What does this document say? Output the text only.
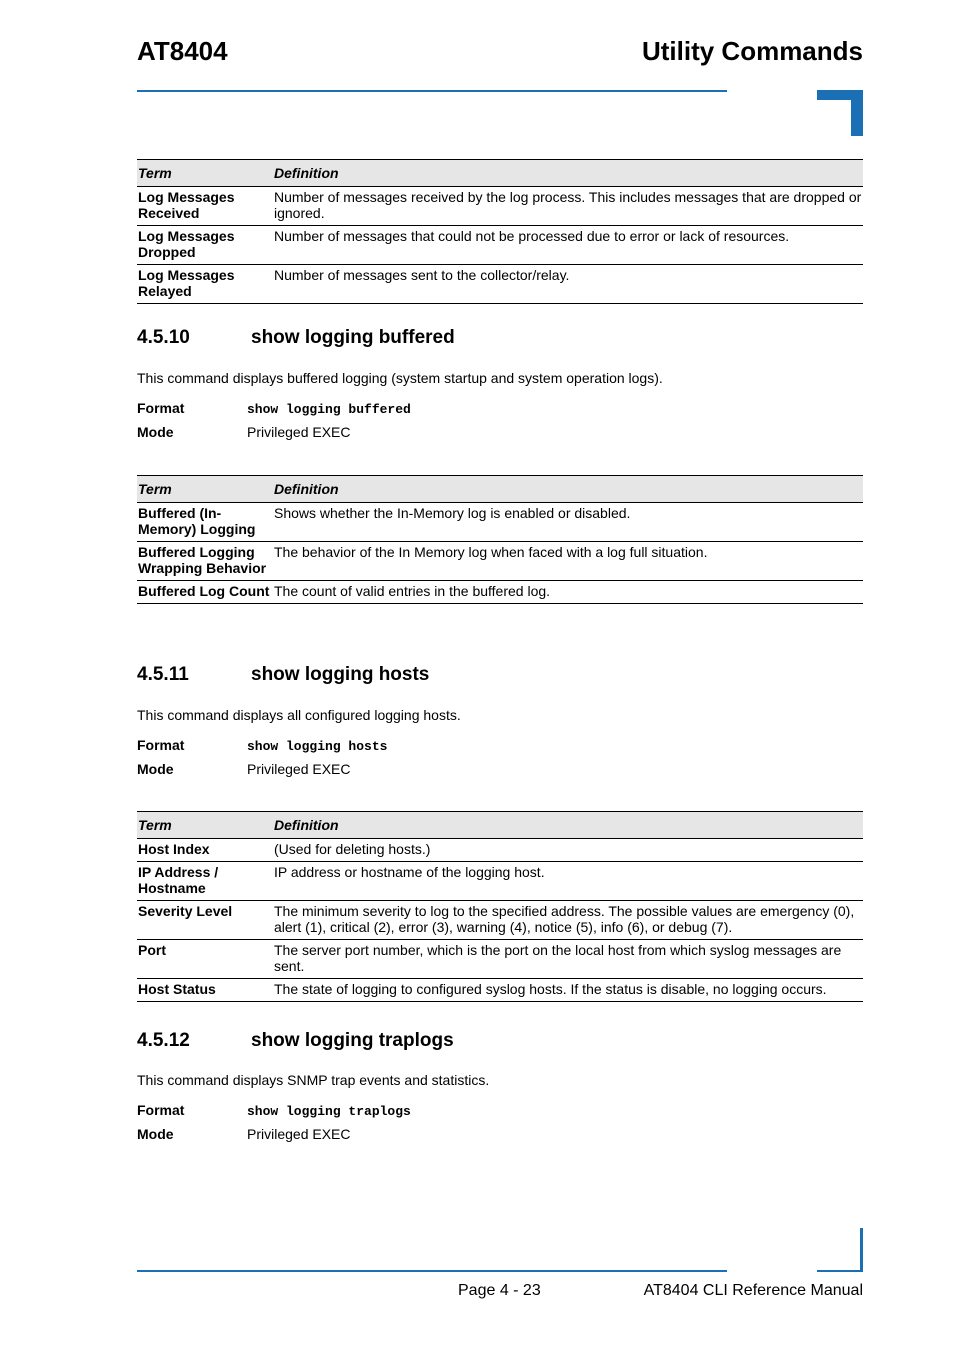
AT8404	Utility Commands
Term	Definition
Log Messages Received	Number of messages received by the log process. This includes messages that are dropped or ignored.
Log Messages Dropped	Number of messages that could not be processed due to error or lack of resources.
Log Messages Relayed	Number of messages sent to the collector/relay.
4.5.10	show logging buffered
This command displays buffered logging (system startup and system operation logs).
Format	show logging buffered
Mode	Privileged EXEC
Term	Definition
Buffered (In-Memory) Logging	Shows whether the In-Memory log is enabled or disabled.
Buffered Logging Wrapping Behavior	The behavior of the In Memory log when faced with a log full situation.
Buffered Log Count	The count of valid entries in the buffered log.
4.5.11	show logging hosts
This command displays all configured logging hosts.
Format	show logging hosts
Mode	Privileged EXEC
Term	Definition
Host Index	(Used for deleting hosts.)
IP Address / Hostname	IP address or hostname of the logging host.
Severity Level	The minimum severity to log to the specified address. The possible values are emergency (0), alert (1), critical (2), error (3), warning (4), notice (5), info (6), or debug (7).
Port	The server port number, which is the port on the local host from which syslog messages are sent.
Host Status	The state of logging to configured syslog hosts. If the status is disable, no logging occurs.
4.5.12	show logging traplogs
This command displays SNMP trap events and statistics.
Format	show logging traplogs
Mode	Privileged EXEC
Page 4 - 23	AT8404 CLI Reference Manual
